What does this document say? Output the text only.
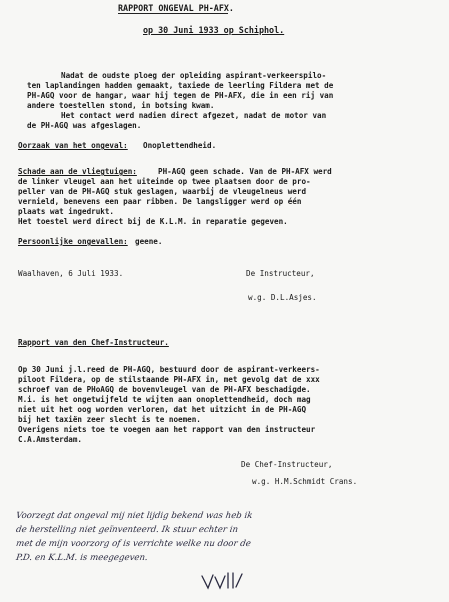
RAPPORT ONGEVAL PH-AFX.

op 30 Juni 1933 op Schiphol.

Nadat de oudste ploeg der opleiding aspirant-verkeerspilo-

ten laplandingen hadden gemaakt, taxiede de leerling Fildera met de

PH-AGQ voor de hangar, waar hij tegen de PH-AFX, die in een rij van

andere toestellen stond, in botsing kwam.

Het contact werd nadien direct afgezet, nadat de motor van

de PH-AGQ was afgeslagen.

Oorzaak van het ongeval: Onoplettendheid.

Schade aan de vliegtuigen:	PH-AGQ geen schade. Van de PH-AFX werd

de linker vleugel aan het uiteinde op twee plaatsen door de pro-

peller van de PH-AGQ stuk geslagen, waarbij de vleugelneus werd

vernield, benevens een paar ribben. De langsligger werd op één

plaats wat ingedrukt.

Het toestel werd direct bij de K.L.M. in reparatie gegeven.

Persoonlijke ongevallen: geene.

Waalhaven, 6 Juli 1933.	De Instructeur,

w.g. D.L.Asjes.

Rapport van den Chef-Instructeur.

Op 30 Juni j.l.reed de PH-AGQ, bestuurd door de aspirant-verkeers-

piloot Fildera, op de stilstaande PH-AFX in, met gevolg dat de xxx

schroef van de PHoAGQ de bovenvleugel van de PH-AFX beschadigde.

M.i. is het ongetwijfeld te wijten aan onoplettendheid, doch mag

niet uit het oog worden verloren, dat het uitzicht in de PH-AGQ

bij het taxiën zeer slecht is te noemen.

Overigens niets toe te voegen aan het rapport van den instructeur

C.A.Amsterdam.

De Chef-Instructeur,

w.g. H.M.Schmidt Crans.

Voorzegt dat ongeval mij niet lijdig bekend was heb ik

de herstelling niet geïnventeerd. Ik stuur echter in

met de mijn voorzorg of is verrichte welke nu door de

P.D. en K.L.M. is meegegeven.
